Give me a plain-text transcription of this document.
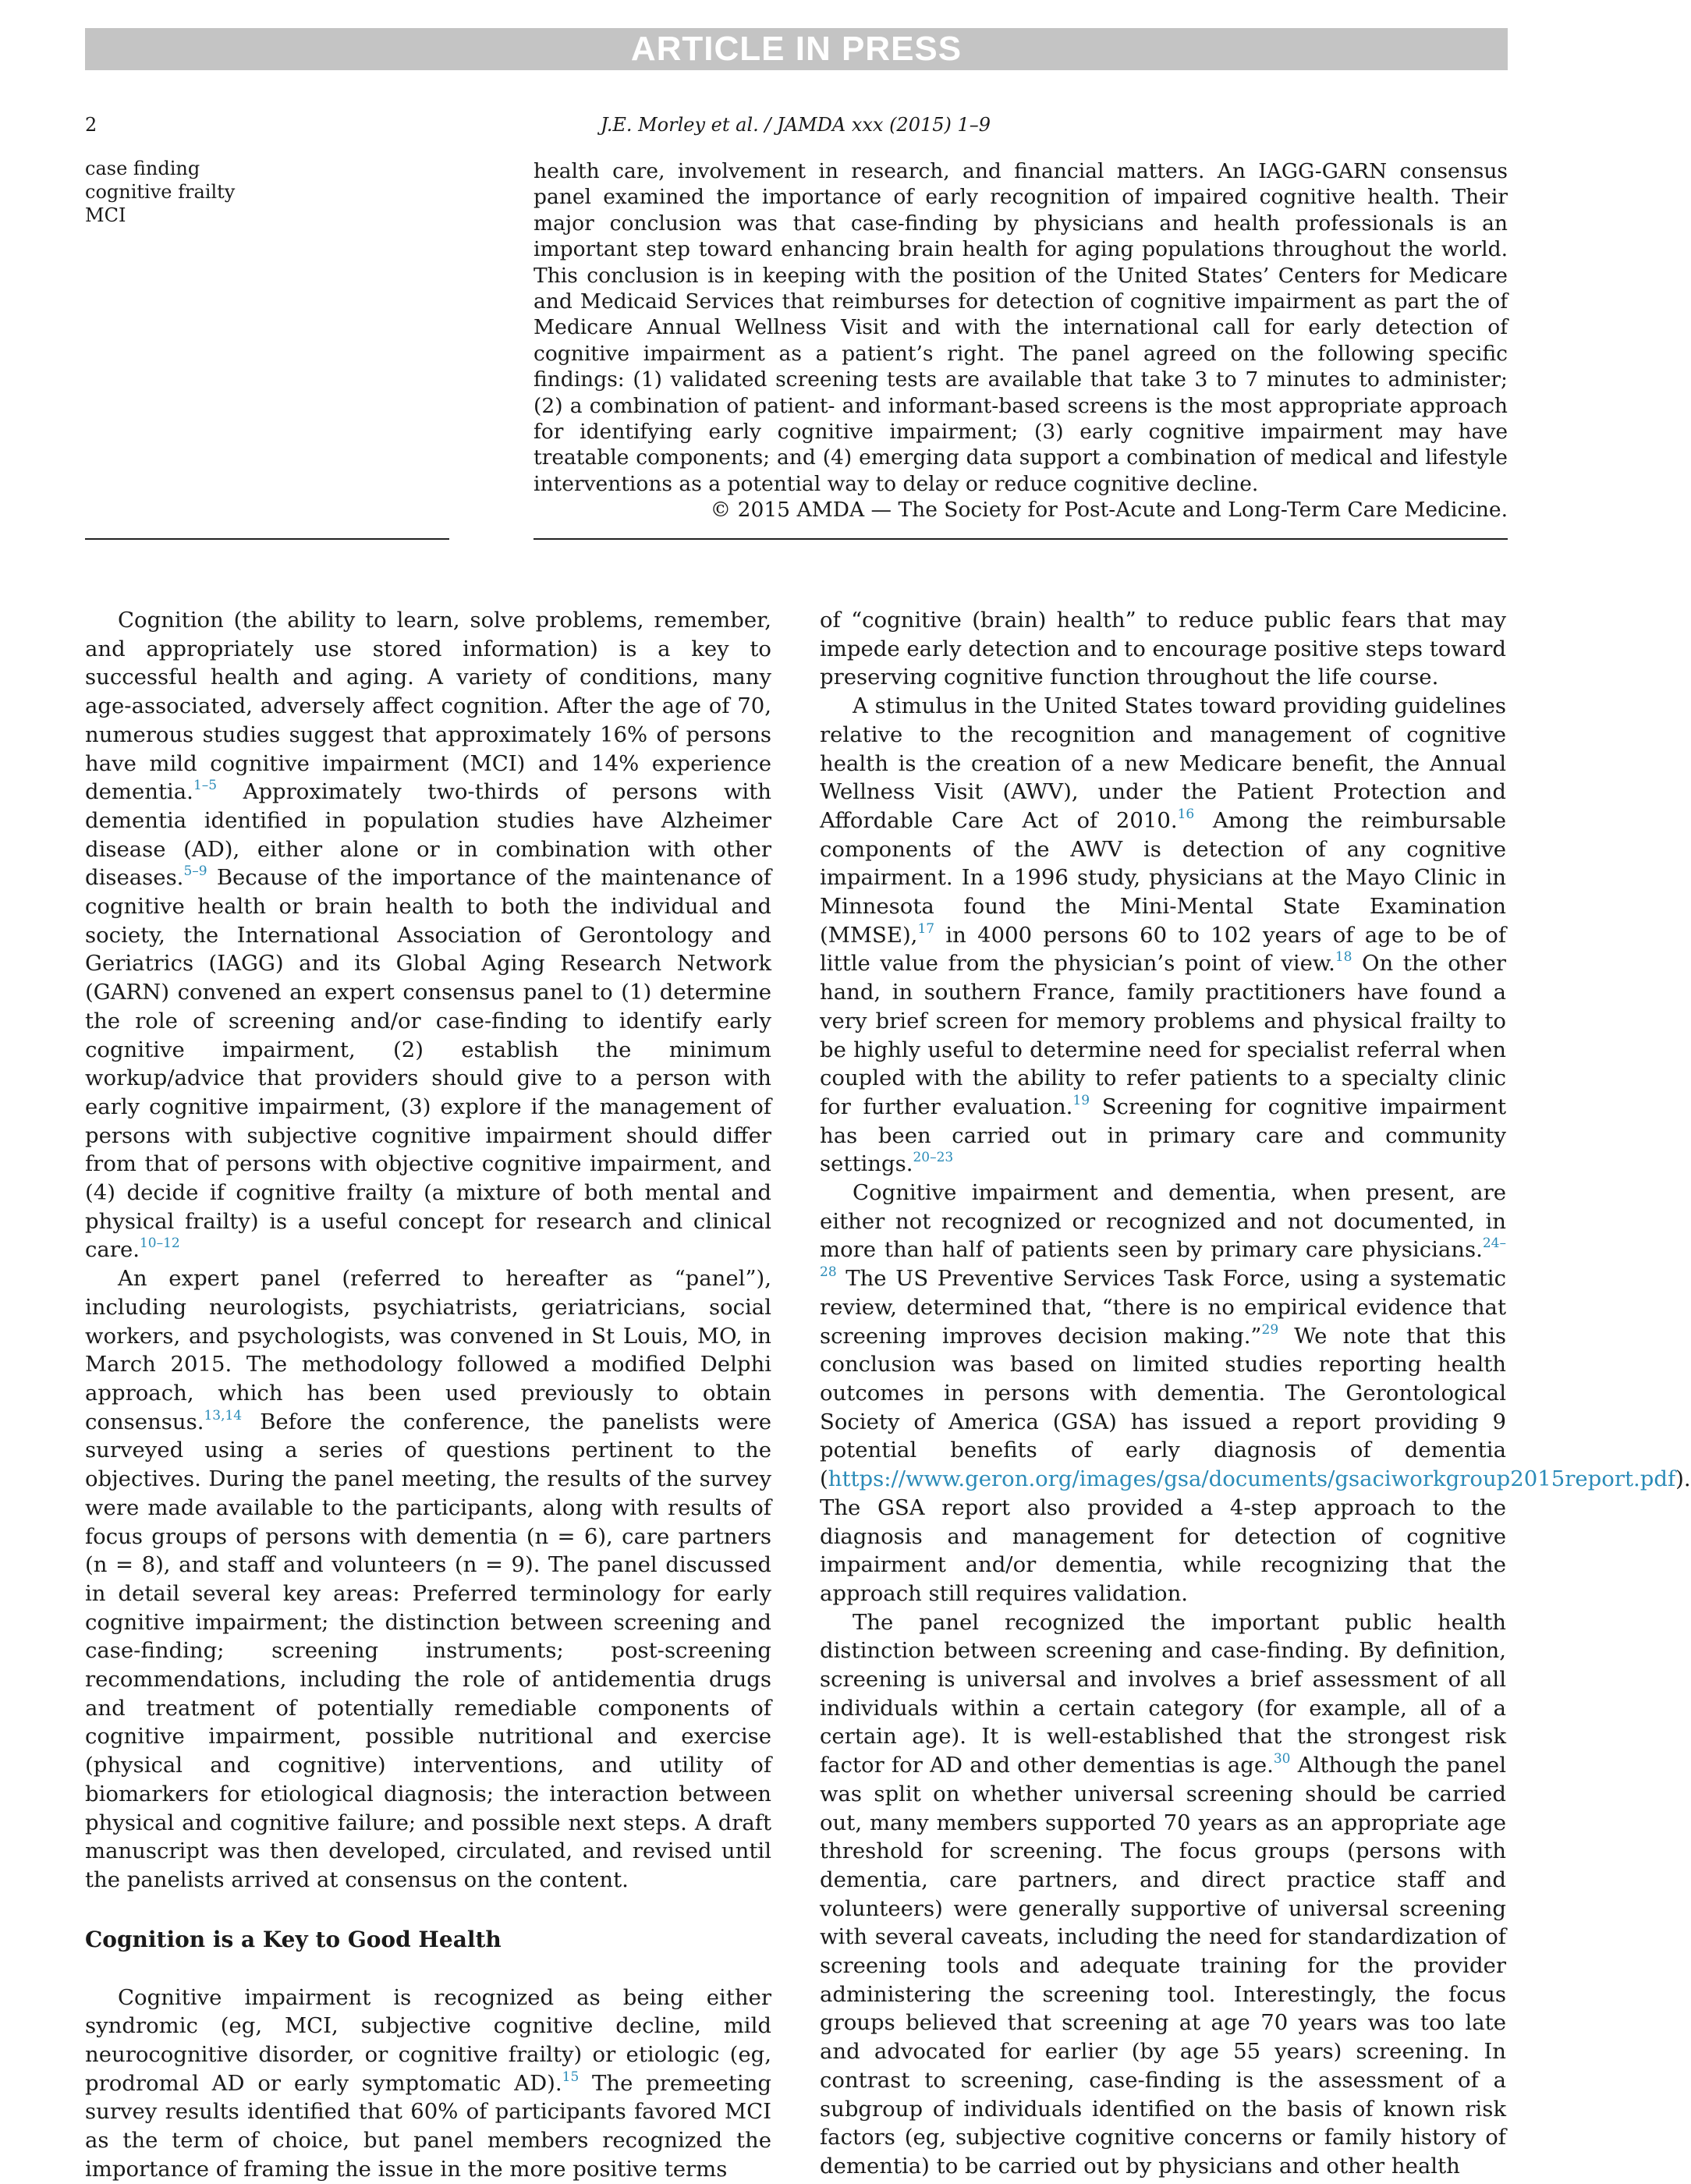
ARTICLE IN PRESS
2	J.E. Morley et al. / JAMDA xxx (2015) 1–9
case finding
cognitive frailty
MCI

health care, involvement in research, and financial matters. An IAGG-GARN consensus panel examined the importance of early recognition of impaired cognitive health. Their major conclusion was that case-finding by physicians and health professionals is an important step toward enhancing brain health for aging populations throughout the world. This conclusion is in keeping with the position of the United States’ Centers for Medicare and Medicaid Services that reimburses for detection of cognitive impairment as part the of Medicare Annual Wellness Visit and with the international call for early detection of cognitive impairment as a patient’s right. The panel agreed on the following specific findings: (1) validated screening tests are available that take 3 to 7 minutes to administer; (2) a combination of patient- and informant-based screens is the most appropriate approach for identifying early cognitive impairment; (3) early cognitive impairment may have treatable components; and (4) emerging data support a combination of medical and lifestyle interventions as a potential way to delay or reduce cognitive decline.

© 2015 AMDA — The Society for Post-Acute and Long-Term Care Medicine.

Cognition (the ability to learn, solve problems, remember, and appropriately use stored information) is a key to successful health and aging. A variety of conditions, many age-associated, adversely affect cognition. After the age of 70, numerous studies suggest that approximately 16% of persons have mild cognitive impairment (MCI) and 14% experience dementia.$^{1-5}$ Approximately two-thirds of persons with dementia identified in population studies have Alzheimer disease (AD), either alone or in combination with other diseases.$^{5-9}$ Because of the importance of the maintenance of cognitive health or brain health to both the individual and society, the International Association of Gerontology and Geriatrics (IAGG) and its Global Aging Research Network (GARN) convened an expert consensus panel to (1) determine the role of screening and/or case-finding to identify early cognitive impairment, (2) establish the minimum workup/advice that providers should give to a person with early cognitive impairment, (3) explore if the management of persons with subjective cognitive impairment should differ from that of persons with objective cognitive impairment, and (4) decide if cognitive frailty (a mixture of both mental and physical frailty) is a useful concept for research and clinical care.$^{10-12}$

An expert panel (referred to hereafter as “panel”), including neurologists, psychiatrists, geriatricians, social workers, and psychologists, was convened in St Louis, MO, in March 2015. The methodology followed a modified Delphi approach, which has been used previously to obtain consensus.$^{13,14}$ Before the conference, the panelists were surveyed using a series of questions pertinent to the objectives. During the panel meeting, the results of the survey were made available to the participants, along with results of focus groups of persons with dementia (n = 6), care partners (n = 8), and staff and volunteers (n = 9). The panel discussed in detail several key areas: Preferred terminology for early cognitive impairment; the distinction between screening and case-finding; screening instruments; post-screening recommendations, including the role of antidementia drugs and treatment of potentially remediable components of cognitive impairment, possible nutritional and exercise (physical and cognitive) interventions, and utility of biomarkers for etiological diagnosis; the interaction between physical and cognitive failure; and possible next steps. A draft manuscript was then developed, circulated, and revised until the panelists arrived at consensus on the content.

Cognition is a Key to Good Health

Cognitive impairment is recognized as being either syndromic (eg, MCI, subjective cognitive decline, mild neurocognitive disorder, or cognitive frailty) or etiologic (eg, prodromal AD or early symptomatic AD).$^{15}$ The premeeting survey results identified that 60% of participants favored MCI as the term of choice, but panel members recognized the importance of framing the issue in the more positive terms

of “cognitive (brain) health” to reduce public fears that may impede early detection and to encourage positive steps toward preserving cognitive function throughout the life course.

A stimulus in the United States toward providing guidelines relative to the recognition and management of cognitive health is the creation of a new Medicare benefit, the Annual Wellness Visit (AWV), under the Patient Protection and Affordable Care Act of 2010.16 Among the reimbursable components of the AWV is detection of any cognitive impairment. In a 1996 study, physicians at the Mayo Clinic in Minnesota found the Mini-Mental State Examination (MMSE),$^{17}$ in 4000 persons 60 to 102 years of age to be of little value from the physician’s point of view.$^{18}$ On the other hand, in southern France, family practitioners have found a very brief screen for memory problems and physical frailty to be highly useful to determine need for specialist referral when coupled with the ability to refer patients to a specialty clinic for further evaluation.$^{19}$ Screening for cognitive impairment has been carried out in primary care and community settings.$^{20-23}$

Cognitive impairment and dementia, when present, are either not recognized or recognized and not documented, in more than half of patients seen by primary care physicians.$^{24-28}$ The US Preventive Services Task Force, using a systematic review, determined that, “there is no empirical evidence that screening improves decision making.”$^{29}$ We note that this conclusion was based on limited studies reporting health outcomes in persons with dementia. The Gerontological Society of America (GSA) has issued a report providing 9 potential benefits of early diagnosis of dementia (https://www.geron.org/images/gsa/documents/gsaciworkgroup2015report.pdf). The GSA report also provided a 4-step approach to the diagnosis and management for detection of cognitive impairment and/or dementia, while recognizing that the approach still requires validation.

The panel recognized the important public health distinction between screening and case-finding. By definition, screening is universal and involves a brief assessment of all individuals within a certain category (for example, all of a certain age). It is well-established that the strongest risk factor for AD and other dementias is age.$^{30}$ Although the panel was split on whether universal screening should be carried out, many members supported 70 years as an appropriate age threshold for screening. The focus groups (persons with dementia, care partners, and direct practice staff and volunteers) were generally supportive of universal screening with several caveats, including the need for standardization of screening tools and adequate training for the provider administering the screening tool. Interestingly, the focus groups believed that screening at age 70 years was too late and advocated for earlier (by age 55 years) screening. In contrast to screening, case-finding is the assessment of a subgroup of individuals identified on the basis of known risk factors (eg, subjective cognitive concerns or family history of dementia) to be carried out by physicians and other health
